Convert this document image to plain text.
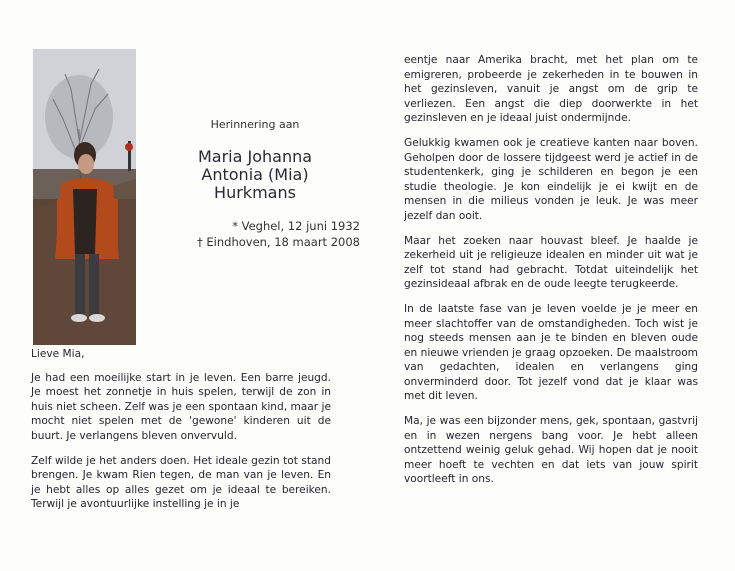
Herinnering aan

Maria Johanna
Antonia (Mia)
Hurkmans
* Veghel, 12 juni 1932
† Eindhoven, 18 maart 2008

Lieve Mia,

Je had een moeilijke start in je leven. Een barre jeugd. Je moest het zonnetje in huis spelen, terwijl de zon in huis niet scheen. Zelf was je een spontaan kind, maar je mocht niet spelen met de 'gewone' kinderen uit de buurt. Je verlangens bleven onvervuld.

Zelf wilde je het anders doen. Het ideale gezin tot stand brengen. Je kwam Rien tegen, de man van je leven. En je hebt alles op alles gezet om je ideaal te bereiken. Terwijl je avontuurlijke instelling je in je

eentje naar Amerika bracht, met het plan om te emigreren, probeerde je zekerheden in te bouwen in het gezinsleven, vanuit je angst om de grip te verliezen. Een angst die diep doorwerkte in het gezinsleven en je ideaal juist ondermijnde.

Gelukkig kwamen ook je creatieve kanten naar boven. Geholpen door de lossere tijdgeest werd je actief in de studentenkerk, ging je schilderen en begon je een studie theologie. Je kon eindelijk je ei kwijt en de mensen in die milieus vonden je leuk. Je was meer jezelf dan ooit.

Maar het zoeken naar houvast bleef. Je haalde je zekerheid uit je religieuze idealen en minder uit wat je zelf tot stand had gebracht. Totdat uiteindelijk het gezinsideaal afbrak en de oude leegte terugkeerde.

In de laatste fase van je leven voelde je je meer en meer slachtoffer van de omstandigheden. Toch wist je nog steeds mensen aan je te binden en bleven oude en nieuwe vrienden je graag opzoeken. De maalstroom van gedachten, idealen en verlangens ging onverminderd door. Tot jezelf vond dat je klaar was met dit leven.

Ma, je was een bijzonder mens, gek, spontaan, gastvrij en in wezen nergens bang voor. Je hebt alleen ontzettend weinig geluk gehad. Wij hopen dat je nooit meer hoeft te vechten en dat iets van jouw spirit voortleeft in ons.
